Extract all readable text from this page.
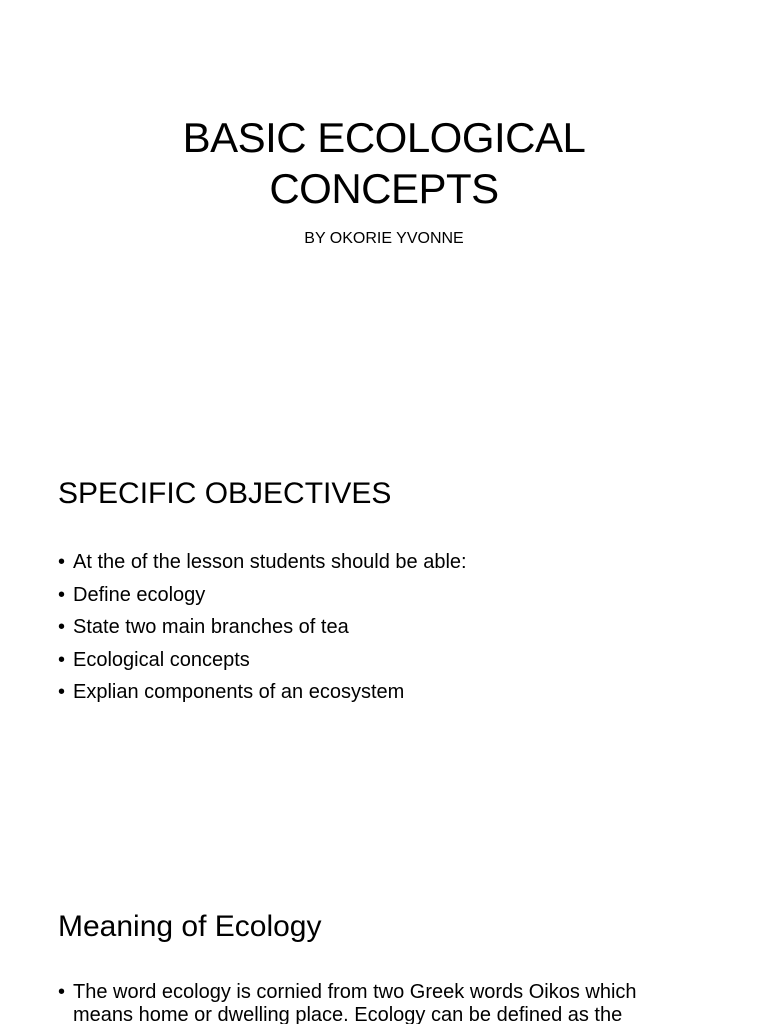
BASIC ECOLOGICAL
CONCEPTS

BY OKORIE YVONNE

SPECIFIC OBJECTIVES
• At the of the lesson students should be able:
• Define ecology
• State two main branches of tea
• Ecological concepts
• Explian components of an ecosystem
Meaning of Ecology
• The word ecology is cornied from two Greek words Oikos which means home or dwelling place. Ecology can be defined as the
